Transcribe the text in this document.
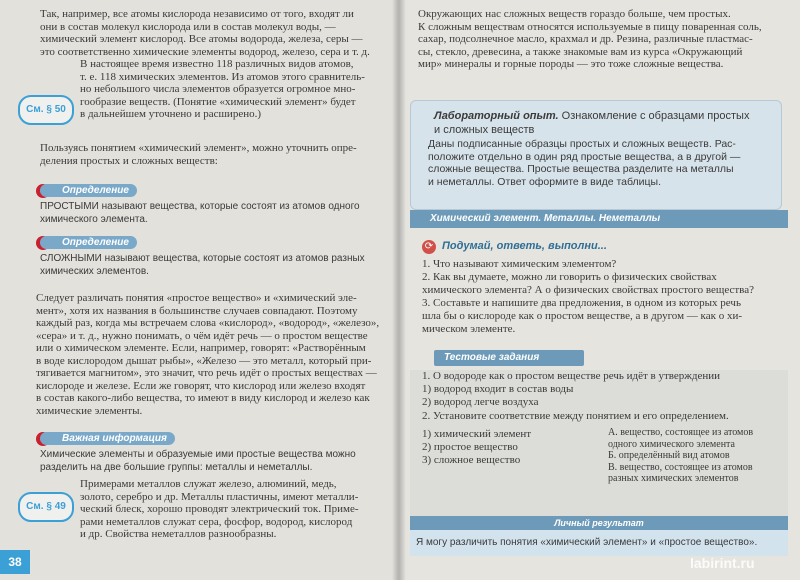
Так, например, все атомы кислорода независимо от того, входят ли
они в состав молекул кислорода или в состав молекул воды, —
химический элемент кислород. Все атомы водорода, железа, серы —
это соответственно химические элементы водород, железо, сера и т. д.
См. § 50
В настоящее время известно 118 различных видов атомов,
т. е. 118 химических элементов. Из атомов этого сравнитель-
но небольшого числа элементов образуется огромное мно-
гообразие веществ. (Понятие «химический элемент» будет
в дальнейшем уточнено и расширено.)
Пользуясь понятием «химический элемент», можно уточнить опре-
деления простых и сложных веществ:
Определение
ПРОСТЫМИ называют вещества, которые состоят из атомов одного
химического элемента.
Определение
СЛОЖНЫМИ называют вещества, которые состоят из атомов разных
химических элементов.
Следует различать понятия «простое вещество» и «химический эле-
мент», хотя их названия в большинстве случаев совпадают. Поэтому
каждый раз, когда мы встречаем слова «кислород», «водород», «железо»,
«сера» и т. д., нужно понимать, о чём идёт речь — о простом веществе
или о химическом элементе. Если, например, говорят: «Растворённым
в воде кислородом дышат рыбы», «Железо — это металл, который при-
тягивается магнитом», это значит, что речь идёт о простых веществах —
кислороде и железе. Если же говорят, что кислород или железо входят
в состав какого-либо вещества, то имеют в виду кислород и железо как
химические элементы.
Важная информация
Химические элементы и образуемые ими простые вещества можно
разделить на две большие группы: металлы и неметаллы.
См. § 49
Примерами металлов служат железо, алюминий, медь,
золото, серебро и др. Металлы пластичны, имеют металли-
ческий блеск, хорошо проводят электрический ток. Приме-
рами неметаллов служат сера, фосфор, водород, кислород
и др. Свойства неметаллов разнообразны.
38
Окружающих нас сложных веществ гораздо больше, чем простых.
К сложным веществам относятся используемые в пищу поваренная соль,
сахар, подсолнечное масло, крахмал и др. Резина, различные пластмас-
сы, стекло, древесина, а также знакомые вам из курса «Окружающий
мир» минералы и горные породы — это тоже сложные вещества.
Лабораторный опыт. Ознакомление с образцами простых
и сложных веществ
Даны подписанные образцы простых и сложных веществ. Рас-
положите отдельно в один ряд простые вещества, а в другой —
сложные вещества. Простые вещества разделите на металлы
и неметаллы. Ответ оформите в виде таблицы.
Химический элемент. Металлы. Неметаллы
⟳ Подумай, ответь, выполни...
1. Что называют химическим элементом?
2. Как вы думаете, можно ли говорить о физических свойствах
химического элемента? А о физических свойствах простого вещества?
3. Составьте и напишите два предложения, в одном из которых речь
шла бы о кислороде как о простом веществе, а в другом — как о хи-
мическом элементе.
Тестовые задания
1. О водороде как о простом веществе речь идёт в утверждении
1) водород входит в состав воды
2) водород легче воздуха
2. Установите соответствие между понятием и его определением.
1) химический элемент
2) простое вещество
3) сложное вещество
А. вещество, состоящее из атомов
одного химического элемента
Б. определённый вид атомов
В. вещество, состоящее из атомов
разных химических элементов
Личный результат
Я могу различить понятия «химический элемент» и «простое вещество».
labirint.ru
